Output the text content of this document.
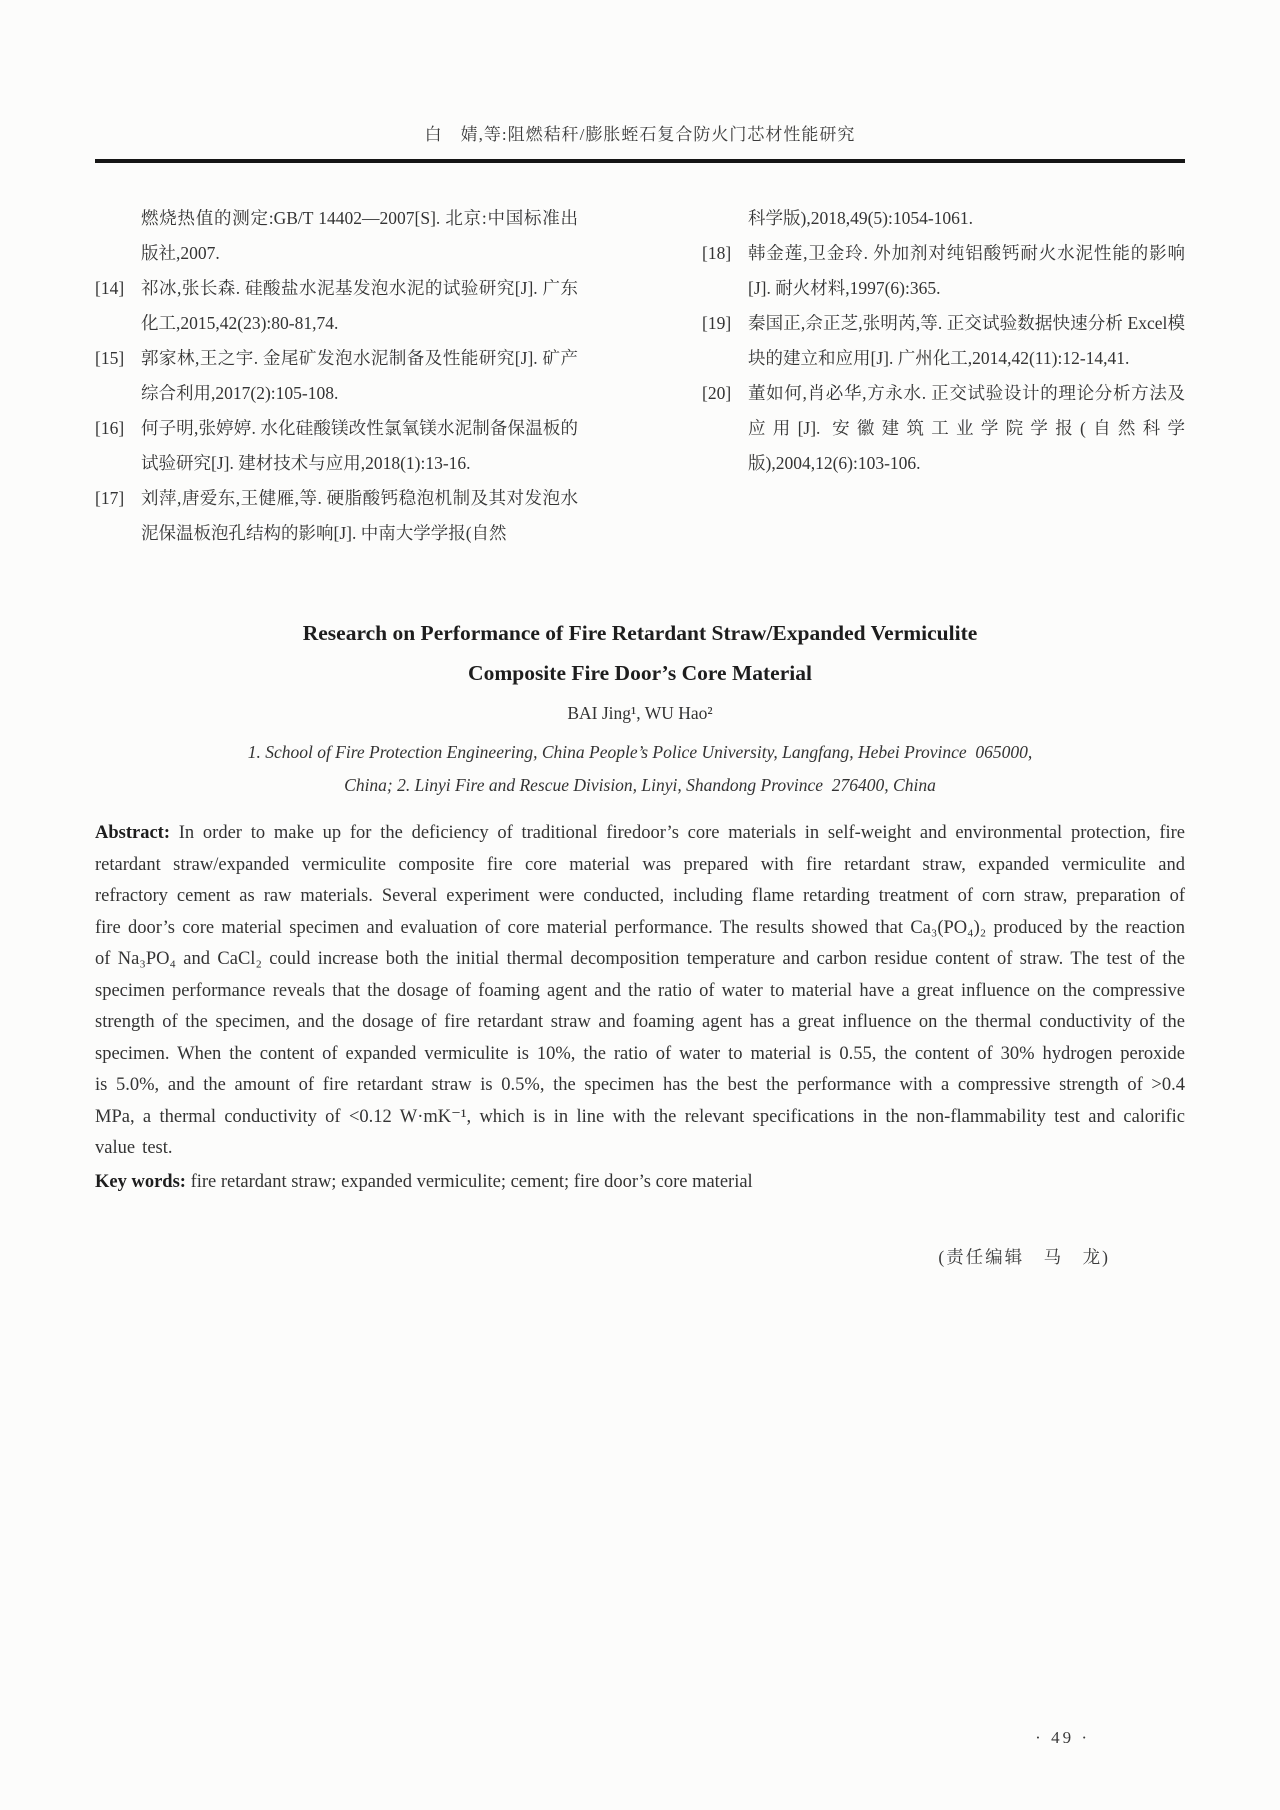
白　婧,等:阻燃秸秆/膨胀蛭石复合防火门芯材性能研究
燃烧热值的测定:GB/T 14402—2007[S]. 北京:中国标准出版社,2007.
[14] 祁冰,张长森. 硅酸盐水泥基发泡水泥的试验研究[J]. 广东化工,2015,42(23):80-81,74.
[15] 郭家林,王之宇. 金尾矿发泡水泥制备及性能研究[J]. 矿产综合利用,2017(2):105-108.
[16] 何子明,张婷婷. 水化硅酸镁改性氯氧镁水泥制备保温板的试验研究[J]. 建材技术与应用,2018(1):13-16.
[17] 刘萍,唐爱东,王健雁,等. 硬脂酸钙稳泡机制及其对发泡水泥保温板泡孔结构的影响[J]. 中南大学学报(自然
科学版),2018,49(5):1054-1061.
[18] 韩金莲,卫金玲. 外加剂对纯铝酸钙耐火水泥性能的影响[J]. 耐火材料,1997(6):365.
[19] 秦国正,佘正芝,张明芮,等. 正交试验数据快速分析 Excel模块的建立和应用[J]. 广州化工,2014,42(11):12-14,41.
[20] 董如何,肖必华,方永水. 正交试验设计的理论分析方法及应用[J]. 安徽建筑工业学院学报(自然科学版),2004,12(6):103-106.
Research on Performance of Fire Retardant Straw/Expanded Vermiculite
Composite Fire Door’s Core Material
BAI Jing¹, WU Hao²
1. School of Fire Protection Engineering, China People’s Police University, Langfang, Hebei Province  065000,
China; 2. Linyi Fire and Rescue Division, Linyi, Shandong Province  276400, China

Abstract: In order to make up for the deficiency of traditional firedoor’s core materials in self-weight and environmental protection, fire retardant straw/expanded vermiculite composite fire core material was prepared with fire retardant straw, expanded vermiculite and refractory cement as raw materials. Several experiment were conducted, including flame retarding treatment of corn straw, preparation of fire door’s core material specimen and evaluation of core material performance. The results showed that Ca₃(PO₄)₂ produced by the reaction of Na₃PO₄ and CaCl₂ could increase both the initial thermal decomposition temperature and carbon residue content of straw. The test of the specimen performance reveals that the dosage of foaming agent and the ratio of water to material have a great influence on the compressive strength of the specimen, and the dosage of fire retardant straw and foaming agent has a great influence on the thermal conductivity of the specimen. When the content of expanded vermiculite is 10%, the ratio of water to material is 0.55, the content of 30% hydrogen peroxide is 5.0%, and the amount of fire retardant straw is 0.5%, the specimen has the best the performance with a compressive strength of >0.4 MPa, a thermal conductivity of <0.12 W·mK⁻¹, which is in line with the relevant specifications in the non-flammability test and calorific value test.

Key words: fire retardant straw; expanded vermiculite; cement; fire door’s core material

(责任编辑　马　龙)
· 49 ·
